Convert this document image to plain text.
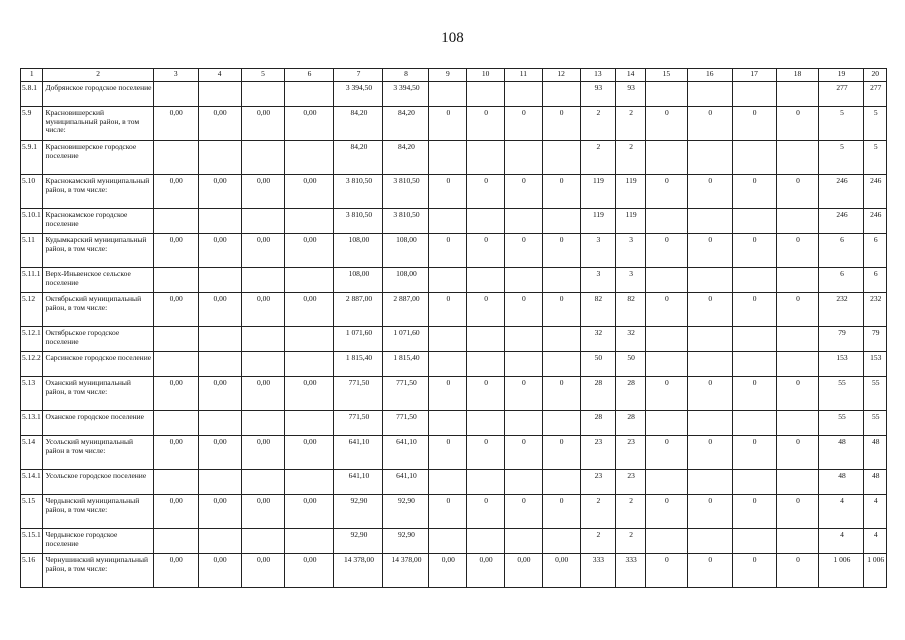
108
1	2	3	4	5	6	7	8	9	10	11	12	13	14	15	16	17	18	19	20
5.8.1	Добрянское городское поселение					3 394,50	3 394,50					93	93					277	277
5.9	Красновишерский муниципальный район, в том числе:	0,00	0,00	0,00	0,00	84,20	84,20	0	0	0	0	2	2	0	0	0	0	5	5
5.9.1	Красновишерское городское поселение					84,20	84,20					2	2					5	5
5.10	Краснокамский муниципальный район, в том числе:	0,00	0,00	0,00	0,00	3 810,50	3 810,50	0	0	0	0	119	119	0	0	0	0	246	246
5.10.1	Краснокамское городское поселение					3 810,50	3 810,50					119	119					246	246
5.11	Кудымкарский муниципальный район, в том числе:	0,00	0,00	0,00	0,00	108,00	108,00	0	0	0	0	3	3	0	0	0	0	6	6
5.11.1	Верх-Иньвенское сельское поселение					108,00	108,00					3	3					6	6
5.12	Октябрьский муниципальный район, в том числе:	0,00	0,00	0,00	0,00	2 887,00	2 887,00	0	0	0	0	82	82	0	0	0	0	232	232
5.12.1	Октябрьское городское поселение					1 071,60	1 071,60					32	32					79	79
5.12.2	Сарсинское городское поселение					1 815,40	1 815,40					50	50					153	153
5.13	Оханский муниципальный район, в том числе:	0,00	0,00	0,00	0,00	771,50	771,50	0	0	0	0	28	28	0	0	0	0	55	55
5.13.1	Оханское городское поселение					771,50	771,50					28	28					55	55
5.14	Усольский муниципальный район в том числе:	0,00	0,00	0,00	0,00	641,10	641,10	0	0	0	0	23	23	0	0	0	0	48	48
5.14.1	Усольское городское поселение					641,10	641,10					23	23					48	48
5.15	Чердынский муниципальный район, в том числе:	0,00	0,00	0,00	0,00	92,90	92,90	0	0	0	0	2	2	0	0	0	0	4	4
5.15.1	Чердынское городское поселение					92,90	92,90					2	2					4	4
5.16	Чернушинский муниципальный район, в том числе:	0,00	0,00	0,00	0,00	14 378,00	14 378,00	0,00	0,00	0,00	0,00	333	333	0	0	0	0	1 006	1 006
